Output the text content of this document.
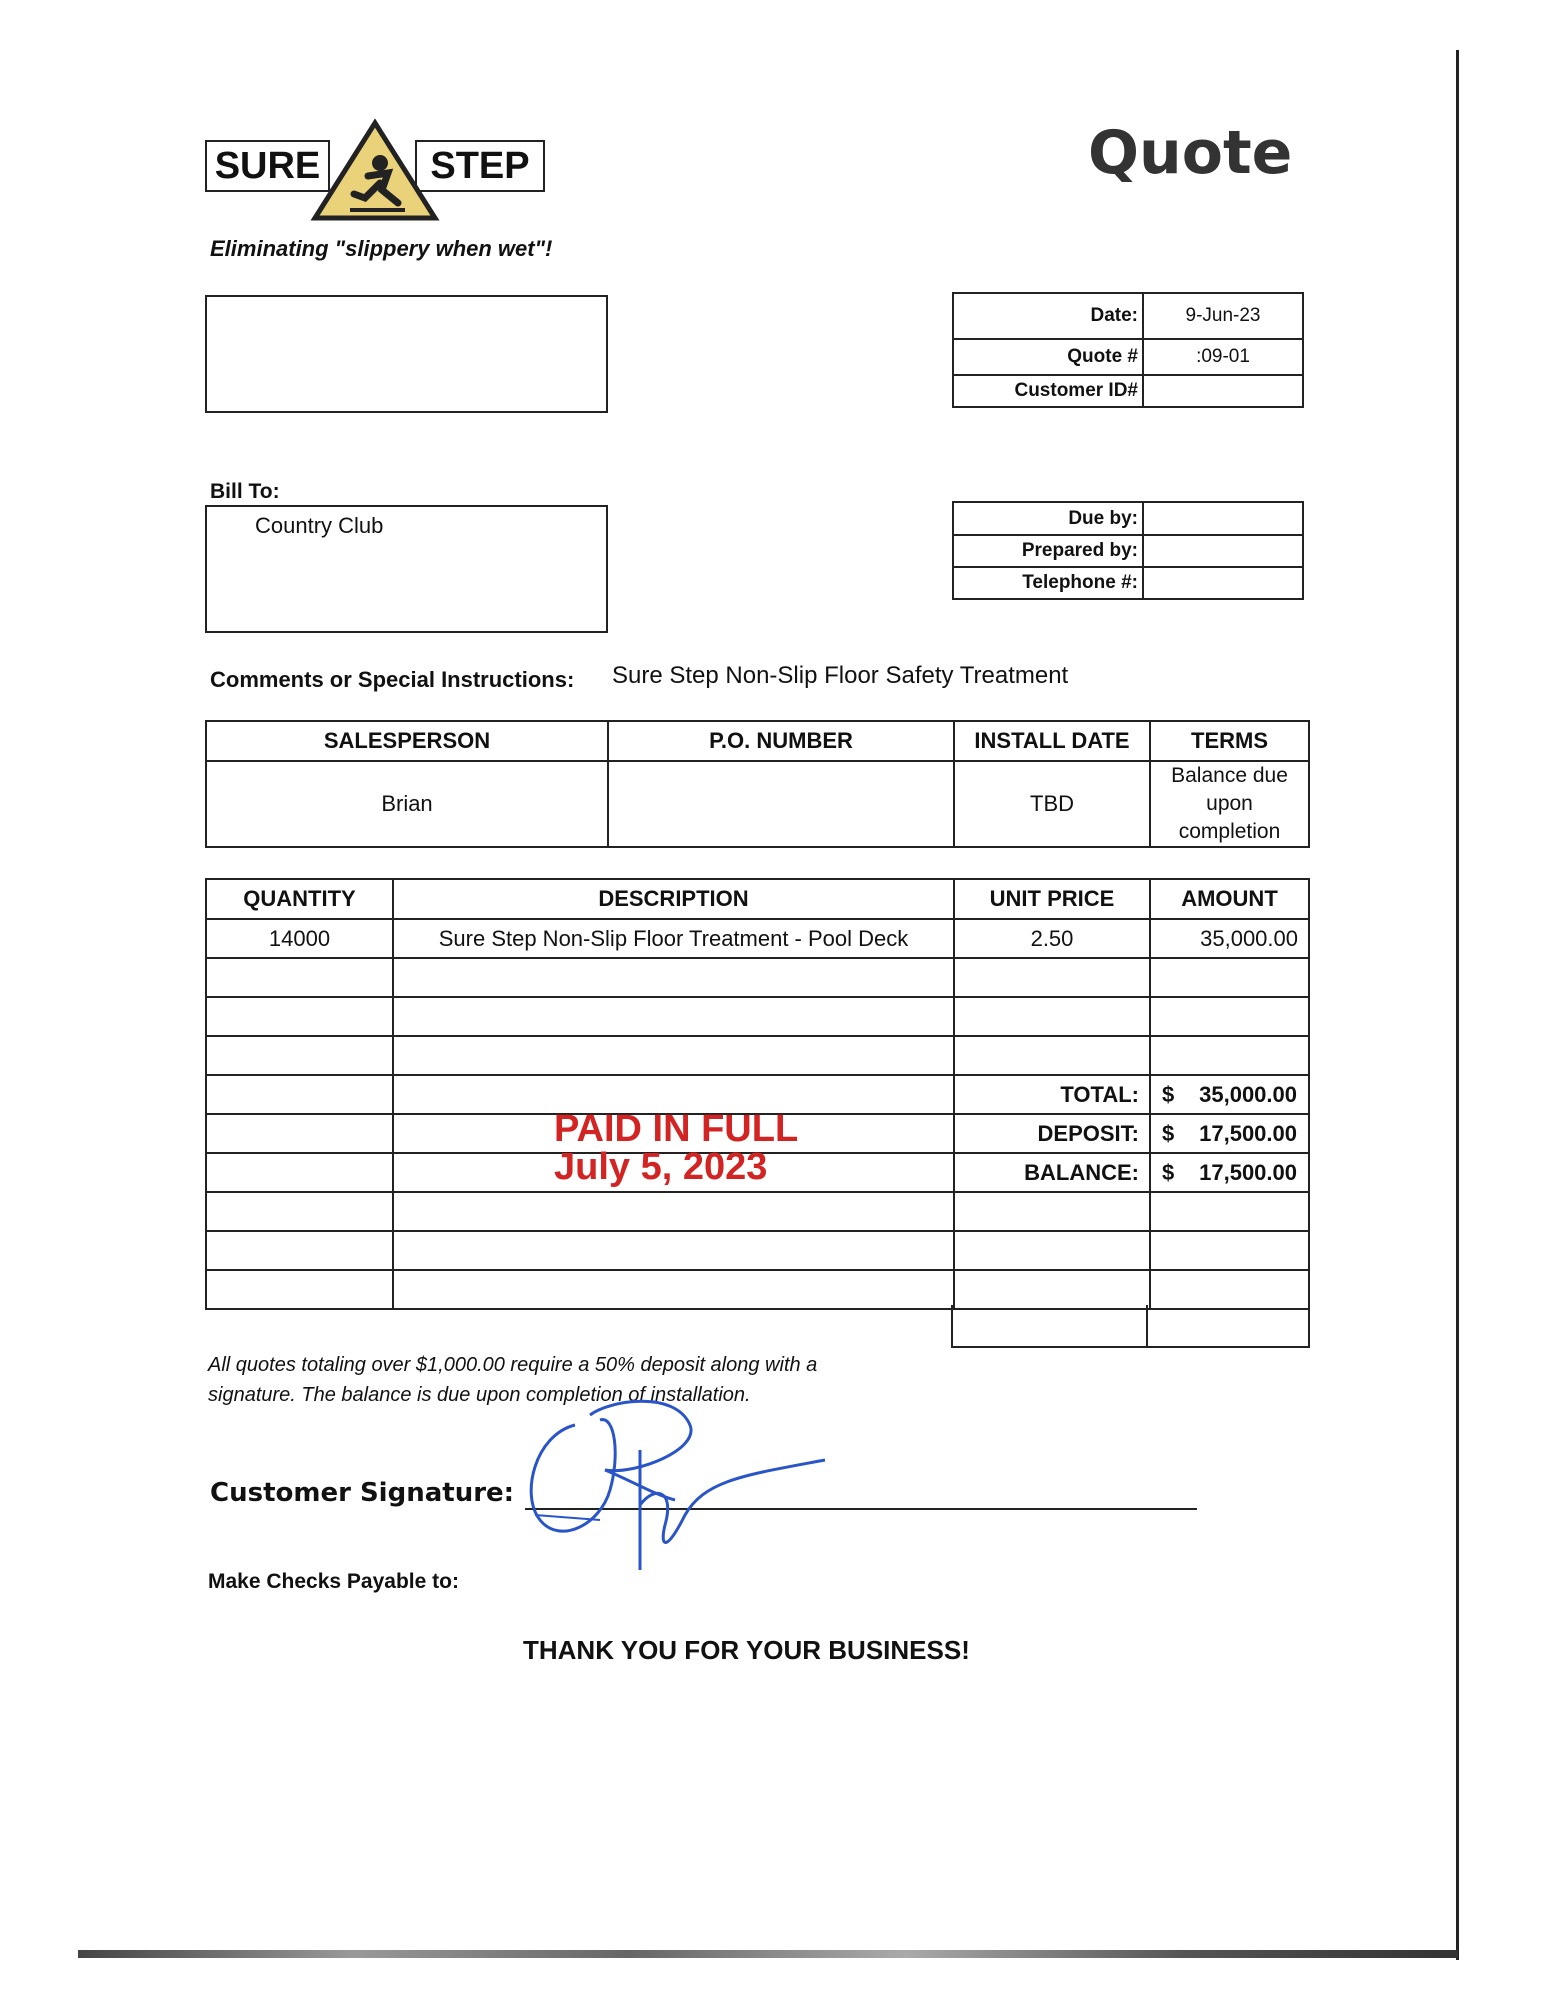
SURE	STEP
Eliminating "slippery when wet"!
Quote
Date:	9-Jun-23
Quote #	:09-01
Customer ID#	
Bill To:
Country Club	Due by:	
Prepared by:	
Telephone #:	
Comments or Special Instructions: Sure Step Non-Slip Floor Safety Treatment
SALESPERSON	P.O. NUMBER	INSTALL DATE	TERMS
Brian		TBD	Balance due upon completion
QUANTITY	DESCRIPTION	UNIT PRICE	AMOUNT
14000	Sure Step Non-Slip Floor Treatment - Pool Deck	2.50	35,000.00

		TOTAL:	$ 35,000.00

		DEPOSIT:	$ 17,500.00

		BALANCE:	$ 17,500.00

PAID IN FULL
July 5, 2023
All quotes totaling over $1,000.00 require a 50% deposit along with a
signature. The balance is due upon completion of installation.
Customer Signature:
Make Checks Payable to:
THANK YOU FOR YOUR BUSINESS!
